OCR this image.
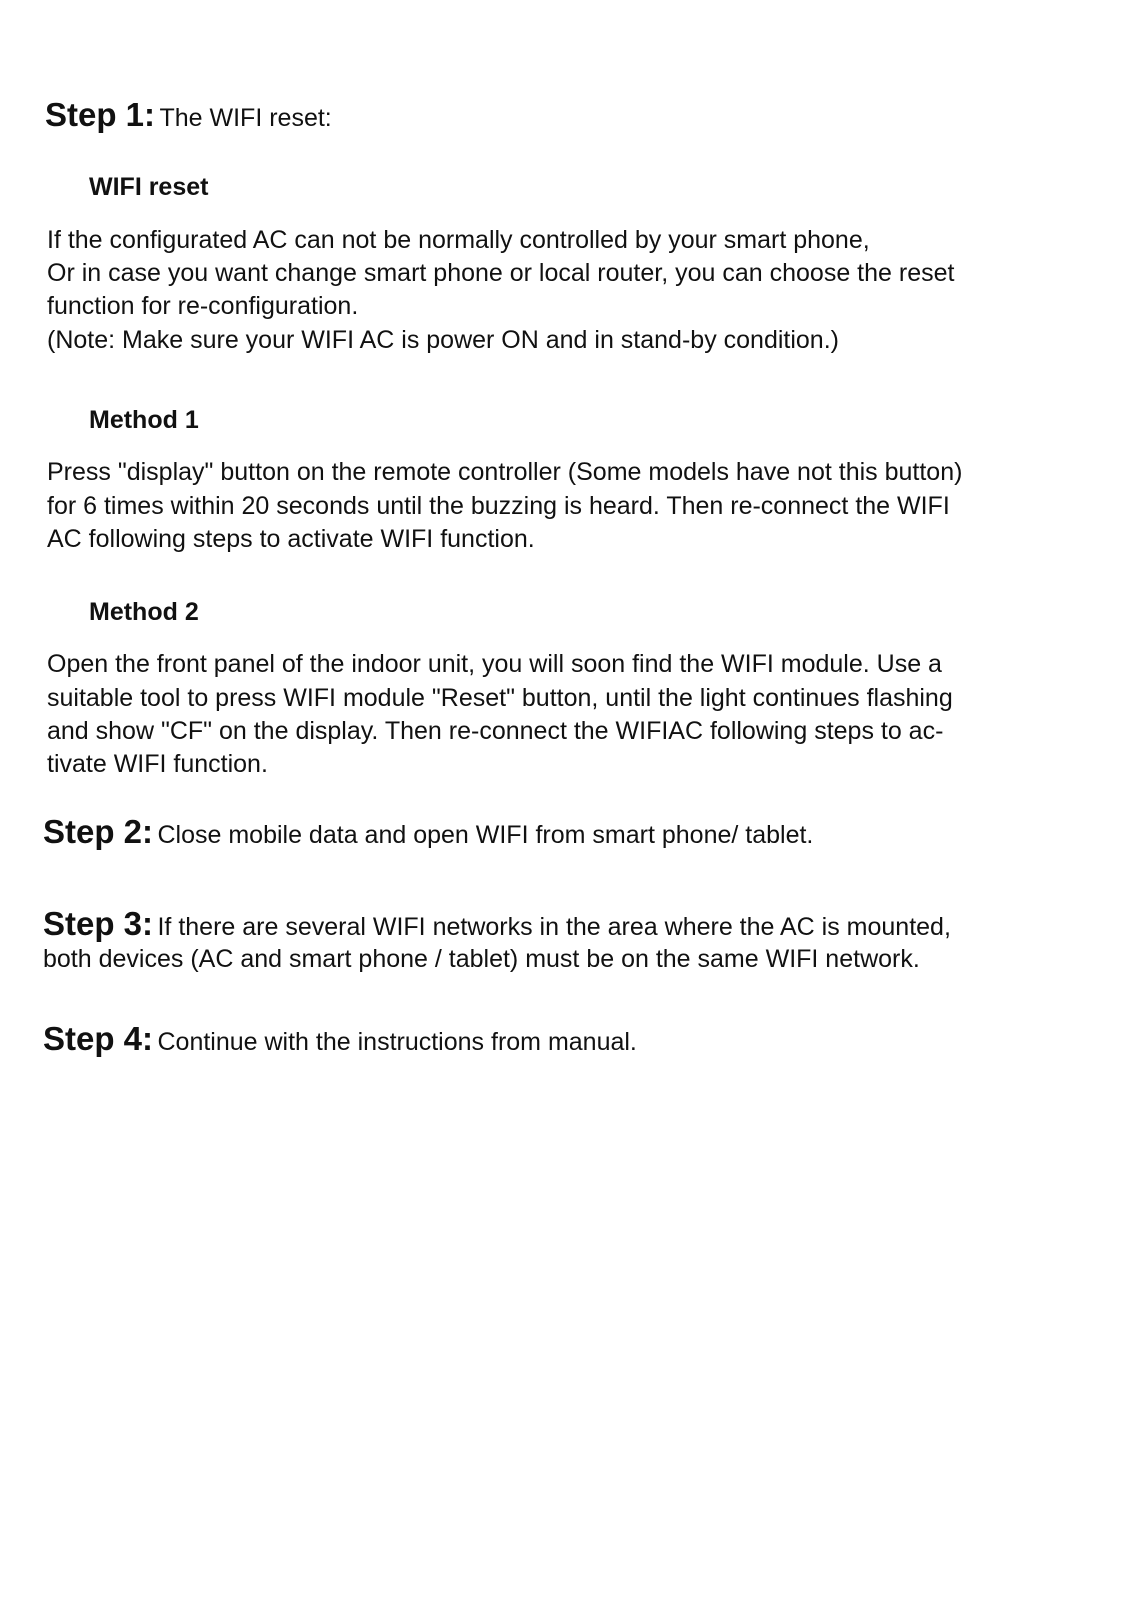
Step 1: The WIFI reset:
WIFI reset
If the configurated AC can not be normally controlled by your smart phone,
Or in case you want change smart phone or local router, you can choose the reset
function for re-configuration.
(Note: Make sure your WIFI AC is power ON and in stand-by condition.)
Method 1
Press "display" button on the remote controller (Some models have not this button)
for 6 times within 20 seconds until the buzzing is heard. Then re-connect the WIFI
AC following steps to activate WIFI function.
Method 2
Open the front panel of the indoor unit, you will soon find the WIFI module. Use a
suitable tool to press WIFI module "Reset" button, until the light continues flashing
and show "CF" on the display. Then re-connect the WIFIAC following steps to ac-
tivate WIFI function.
Step 2: Close mobile data and open WIFI from smart phone/ tablet.
Step 3: If there are several WIFI networks in the area where the AC is mounted,
both devices (AC and smart phone / tablet) must be on the same WIFI network.
Step 4: Continue with the instructions from manual.
